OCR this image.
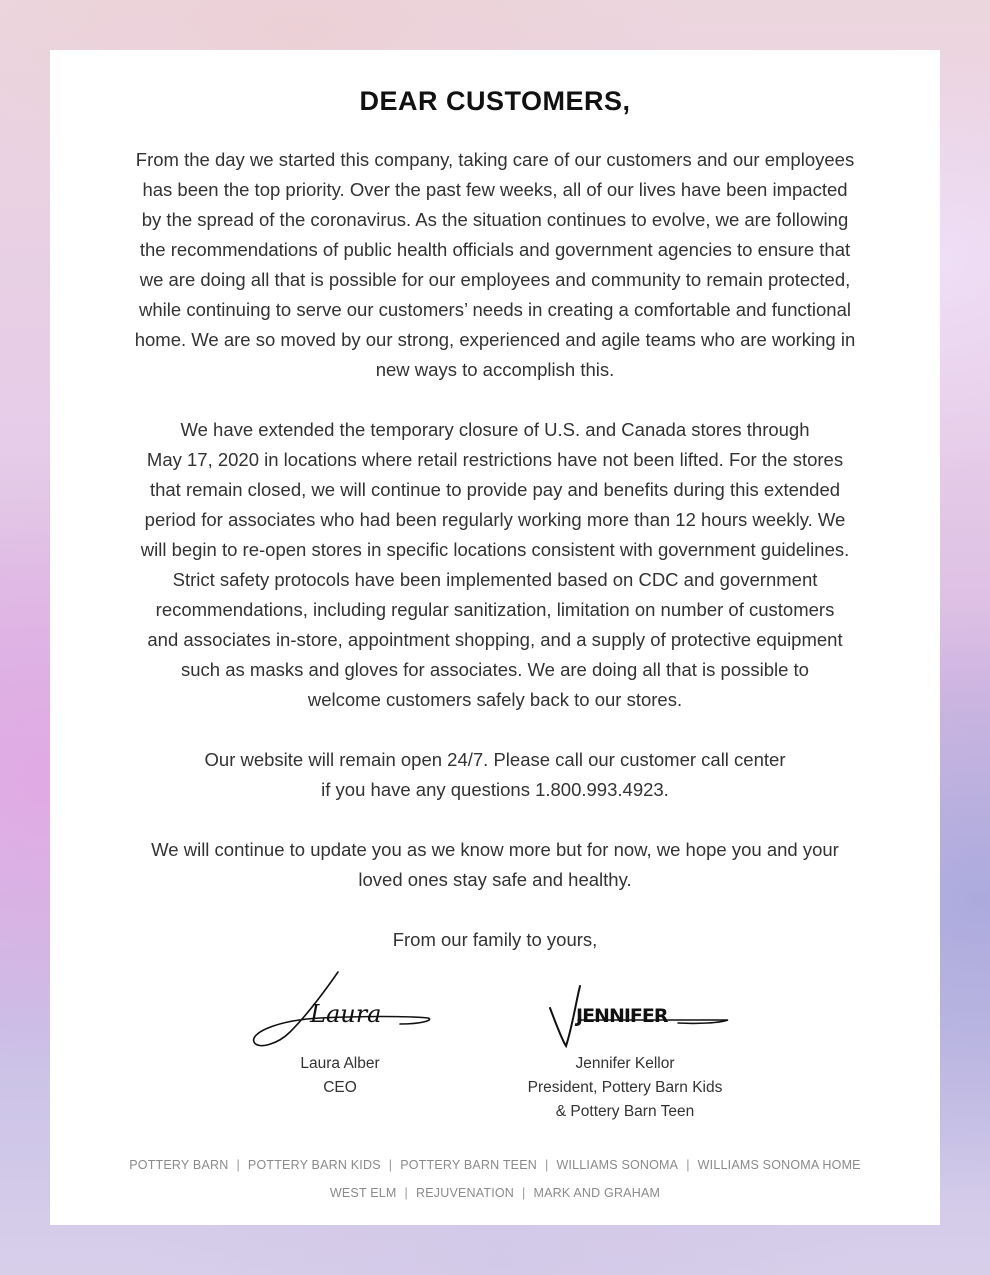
DEAR CUSTOMERS,
From the day we started this company, taking care of our customers and our employees
has been the top priority. Over the past few weeks, all of our lives have been impacted
by the spread of the coronavirus. As the situation continues to evolve, we are following
the recommendations of public health officials and government agencies to ensure that
we are doing all that is possible for our employees and community to remain protected,
while continuing to serve our customers’ needs in creating a comfortable and functional
home. We are so moved by our strong, experienced and agile teams who are working in
new ways to accomplish this.
We have extended the temporary closure of U.S. and Canada stores through
May 17, 2020 in locations where retail restrictions have not been lifted. For the stores
that remain closed, we will continue to provide pay and benefits during this extended
period for associates who had been regularly working more than 12 hours weekly. We
will begin to re-open stores in specific locations consistent with government guidelines.
Strict safety protocols have been implemented based on CDC and government
recommendations, including regular sanitization, limitation on number of customers
and associates in-store, appointment shopping, and a supply of protective equipment
such as masks and gloves for associates. We are doing all that is possible to
welcome customers safely back to our stores.
Our website will remain open 24/7. Please call our customer call center
if you have any questions 1.800.993.4923.
We will continue to update you as we know more but for now, we hope you and your
loved ones stay safe and healthy.
From our family to yours,
Laura	JENNIFER
Laura Alber
CEO
Jennifer Kellor
President, Pottery Barn Kids
& Pottery Barn Teen
POTTERY BARN | POTTERY BARN KIDS | POTTERY BARN TEEN | WILLIAMS SONOMA | WILLIAMS SONOMA HOME
WEST ELM | REJUVENATION | MARK AND GRAHAM
